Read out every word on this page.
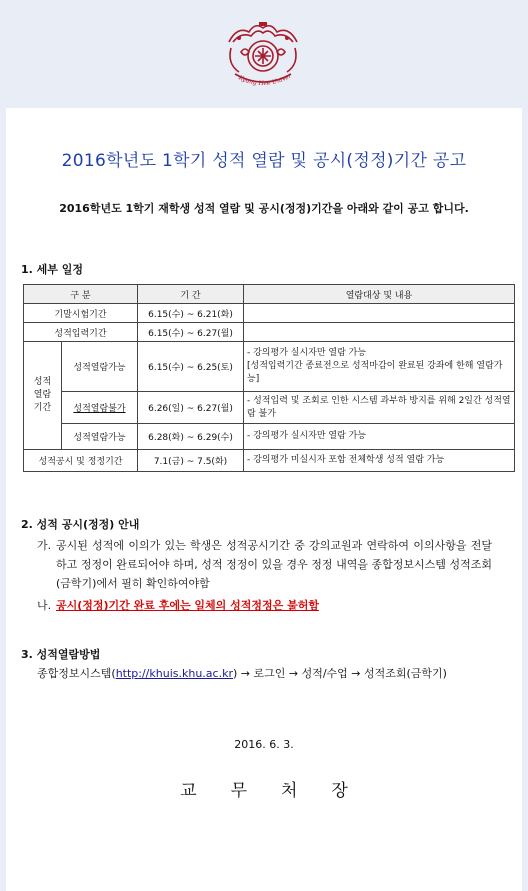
Kyung Hee Univer
2016학년도 1학기 성적 열람 및 공시(정정)기간 공고
2016학년도 1학기 재학생 성적 열람 및 공시(정정)기간을 아래와 같이 공고 합니다.
1. 세부 일정
구 분		기 간	열람대상 및 내용
기말시험기간		6.15(수) ~ 6.21(화)	
성적입력기간		6.15(수) ~ 6.27(월)	
성적
열람
기간	성적열람가능	6.15(수) ~ 6.25(토)	- 강의평가 실시자만 열람 가능
[성적입력기간 종료전으로 성적마감이 완료된 강좌에 한해 열람가능]
	성적열람불가	6.26(일) ~ 6.27(월)	- 성적입력 및 조회로 인한 시스템 과부하 방지를 위해 2일간 성적열람 불가
	성적열람가능	6.28(화) ~ 6.29(수)	- 강의평가 실시자만 열람 가능
성적공시 및 정정기간		7.1(금) ~ 7.5(화)	- 강의평가 미실시자 포함 전체학생 성적 열람 가능
2. 성적 공시(정정) 안내
가. 공시된 성적에 이의가 있는 학생은 성적공시기간 중 강의교원과 연락하여 이의사항을 전달하고 정정이 완료되어야 하며, 성적 정정이 있을 경우 정정 내역을 종합정보시스템 성적조회(금학기)에서 필히 확인하여야함
나. 공시(정정)기간 완료 후에는 일체의 성적정정은 불허함
3. 성적열람방법
종합정보시스템(http://khuis.khu.ac.kr) → 로그인 → 성적/수업 → 성적조회(금학기)
2016. 6. 3.
교무처장
